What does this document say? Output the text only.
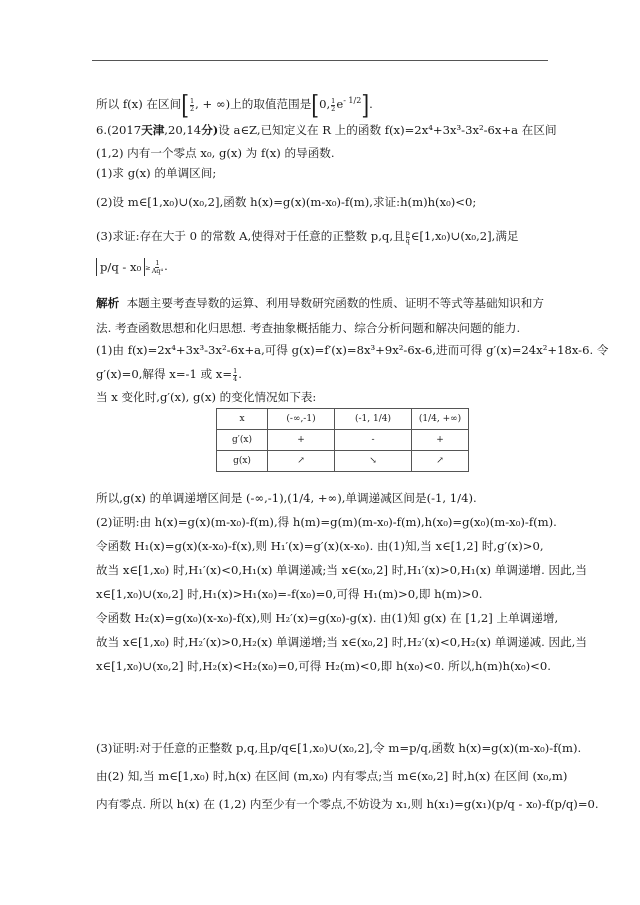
所以 f(x) 在区间[ $\frac{1}{2}$ , + ∞)上的取值范围是[0, $\frac{1}{2} e^{- 1/2}$].
6.(2017天津,20,14分)设 a∈Z,已知定义在 R 上的函数 f(x)=2x⁴+3x³-3x²-6x+a 在区间
(1,2) 内有一个零点 x₀, g(x) 为 f(x) 的导函数.
(1)求 g(x) 的单调区间;
(2)设 m∈[1,x₀)∪(x₀,2],函数 h(x)=g(x)(m-x₀)-f(m),求证:h(m)h(x₀)<0;
(3)求证:存在大于 0 的常数 A,使得对于任意的正整数 p,q,且 $\frac{p}{q}$ ∈[1,x₀)∪(x₀,2],满足
$p/q - x_0 \ge \frac{1}{\text{Aq⁴}}$ .
解析 本题主要考查导数的运算、利用导数研究函数的性质、证明不等式等基础知识和方
法. 考查函数思想和化归思想. 考查抽象概括能力、综合分析问题和解决问题的能力.
(1)由 f(x)=2x⁴+3x³-3x²-6x+a,可得 g(x)=f′(x)=8x³+9x²-6x-6,进而可得 g′(x)=24x²+18x-6. 令
g′(x)=0,解得 x=-1 或 $x= \frac{1}{4}$ .
当 x 变化时,g′(x), g(x) 的变化情况如下表:
x	(-∞,-1)	(-1, 1/4)	(1/4, +∞)
g′(x)	+	-	+
g(x)	↗	↘	↗
所以,g(x) 的单调递增区间是 (-∞,-1),(1/4, +∞),单调递减区间是(-1, 1/4).
(2)证明:由 h(x)=g(x)(m-x₀)-f(m),得 h(m)=g(m)(m-x₀)-f(m),h(x₀)=g(x₀)(m-x₀)-f(m).
令函数 H₁(x)=g(x)(x-x₀)-f(x),则 H₁′(x)=g′(x)(x-x₀). 由(1)知,当 x∈[1,2] 时,g′(x)>0,
故当 x∈[1,x₀) 时,H₁′(x)<0,H₁(x) 单调递减;当 x∈(x₀,2] 时,H₁′(x)>0,H₁(x) 单调递增. 因此,当
x∈[1,x₀)∪(x₀,2] 时,H₁(x)>H₁(x₀)=-f(x₀)=0,可得 H₁(m)>0,即 h(m)>0.
令函数 H₂(x)=g(x₀)(x-x₀)-f(x),则 H₂′(x)=g(x₀)-g(x). 由(1)知 g(x) 在 [1,2] 上单调递增,
故当 x∈[1,x₀) 时,H₂′(x)>0,H₂(x) 单调递增;当 x∈(x₀,2] 时,H₂′(x)<0,H₂(x) 单调递减. 因此,当
x∈[1,x₀)∪(x₀,2] 时,H₂(x)<H₂(x₀)=0,可得 H₂(m)<0,即 h(x₀)<0. 所以,h(m)h(x₀)<0.
(3)证明:对于任意的正整数 p,q,且p/q∈[1,x₀)∪(x₀,2],令 m=p/q,函数 h(x)=g(x)(m-x₀)-f(m).
由(2) 知,当 m∈[1,x₀) 时,h(x) 在区间 (m,x₀) 内有零点;当 m∈(x₀,2] 时,h(x) 在区间 (x₀,m)
内有零点. 所以 h(x) 在 (1,2) 内至少有一个零点,不妨设为 x₁,则 h(x₁)=g(x₁)(p/q - x₀)-f(p/q)=0.
